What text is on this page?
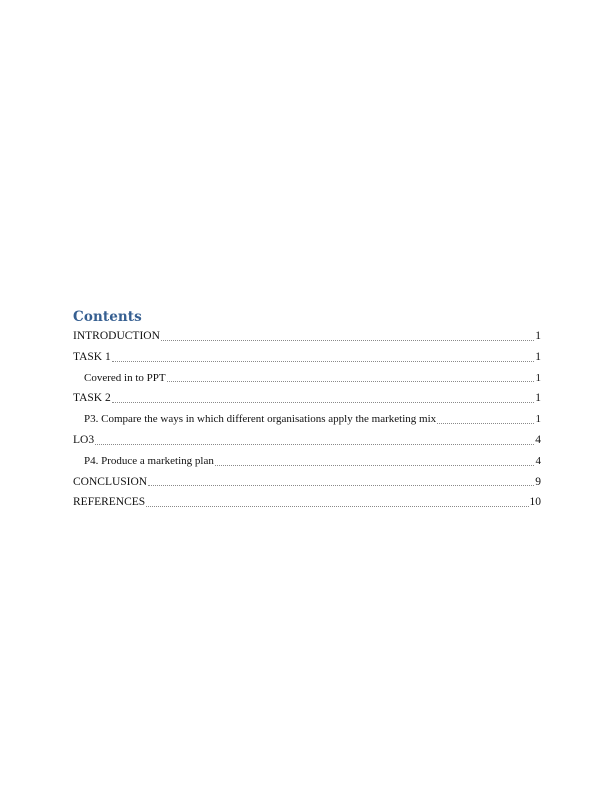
Contents
INTRODUCTION	1
TASK 1	1
Covered in to PPT	1
TASK 2	1
P3. Compare the ways in which different organisations apply the marketing mix	1
LO3	4
P4. Produce a marketing plan	4
CONCLUSION	9
REFERENCES	10
